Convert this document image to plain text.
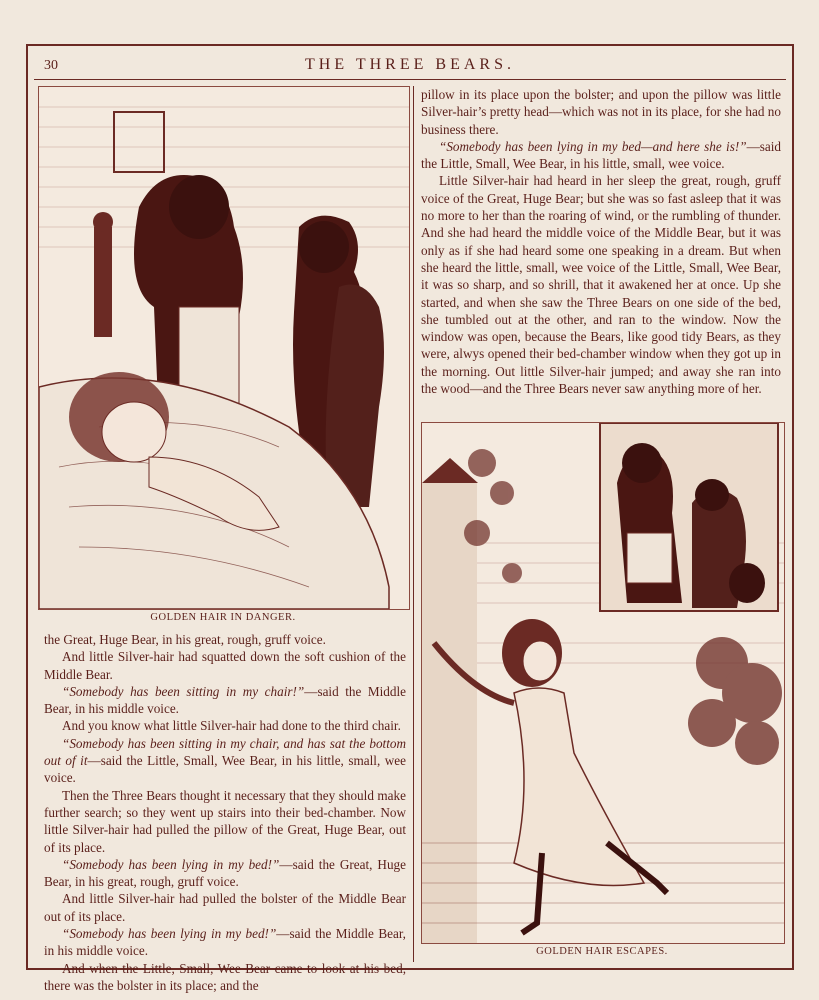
30	THE THREE BEARS.
GOLDEN HAIR IN DANGER.

the Great, Huge Bear, in his great, rough, gruff voice.

And little Silver-hair had squatted down the soft cushion of the Middle Bear.

“Somebody has been sitting in my chair!”—said the Middle Bear, in his middle voice.

And you know what little Silver-hair had done to the third chair.

“Somebody has been sitting in my chair, and has sat the bottom out of it—said the Little, Small, Wee Bear, in his little, small, wee voice.

Then the Three Bears thought it necessary that they should make further search; so they went up stairs into their bed-chamber. Now little Silver-hair had pulled the pillow of the Great, Huge Bear, out of its place.

“Somebody has been lying in my bed!”—said the Great, Huge Bear, in his great, rough, gruff voice.

And little Silver-hair had pulled the bolster of the Middle Bear out of its place.

“Somebody has been lying in my bed!”—said the Middle Bear, in his middle voice.

And when the Little, Small, Wee Bear came to look at his bed, there was the bolster in its place; and the

pillow in its place upon the bolster; and upon the pillow was little Silver-hair’s pretty head—which was not in its place, for she had no business there.

“Somebody has been lying in my bed—and here she is!”—said the Little, Small, Wee Bear, in his little, small, wee voice.

Little Silver-hair had heard in her sleep the great, rough, gruff voice of the Great, Huge Bear; but she was so fast asleep that it was no more to her than the roaring of wind, or the rumbling of thunder. And she had heard the middle voice of the Middle Bear, but it was only as if she had heard some one speaking in a dream. But when she heard the little, small, wee voice of the Little, Small, Wee Bear, it was so sharp, and so shrill, that it awakened her at once. Up she started, and when she saw the Three Bears on one side of the bed, she tumbled out at the other, and ran to the window. Now the window was open, because the Bears, like good tidy Bears, as they were, alwys opened their bed-chamber window when they got up in the morning. Out little Silver-hair jumped; and away she ran into the wood—and the Three Bears never saw anything more of her.

GOLDEN HAIR ESCAPES.
